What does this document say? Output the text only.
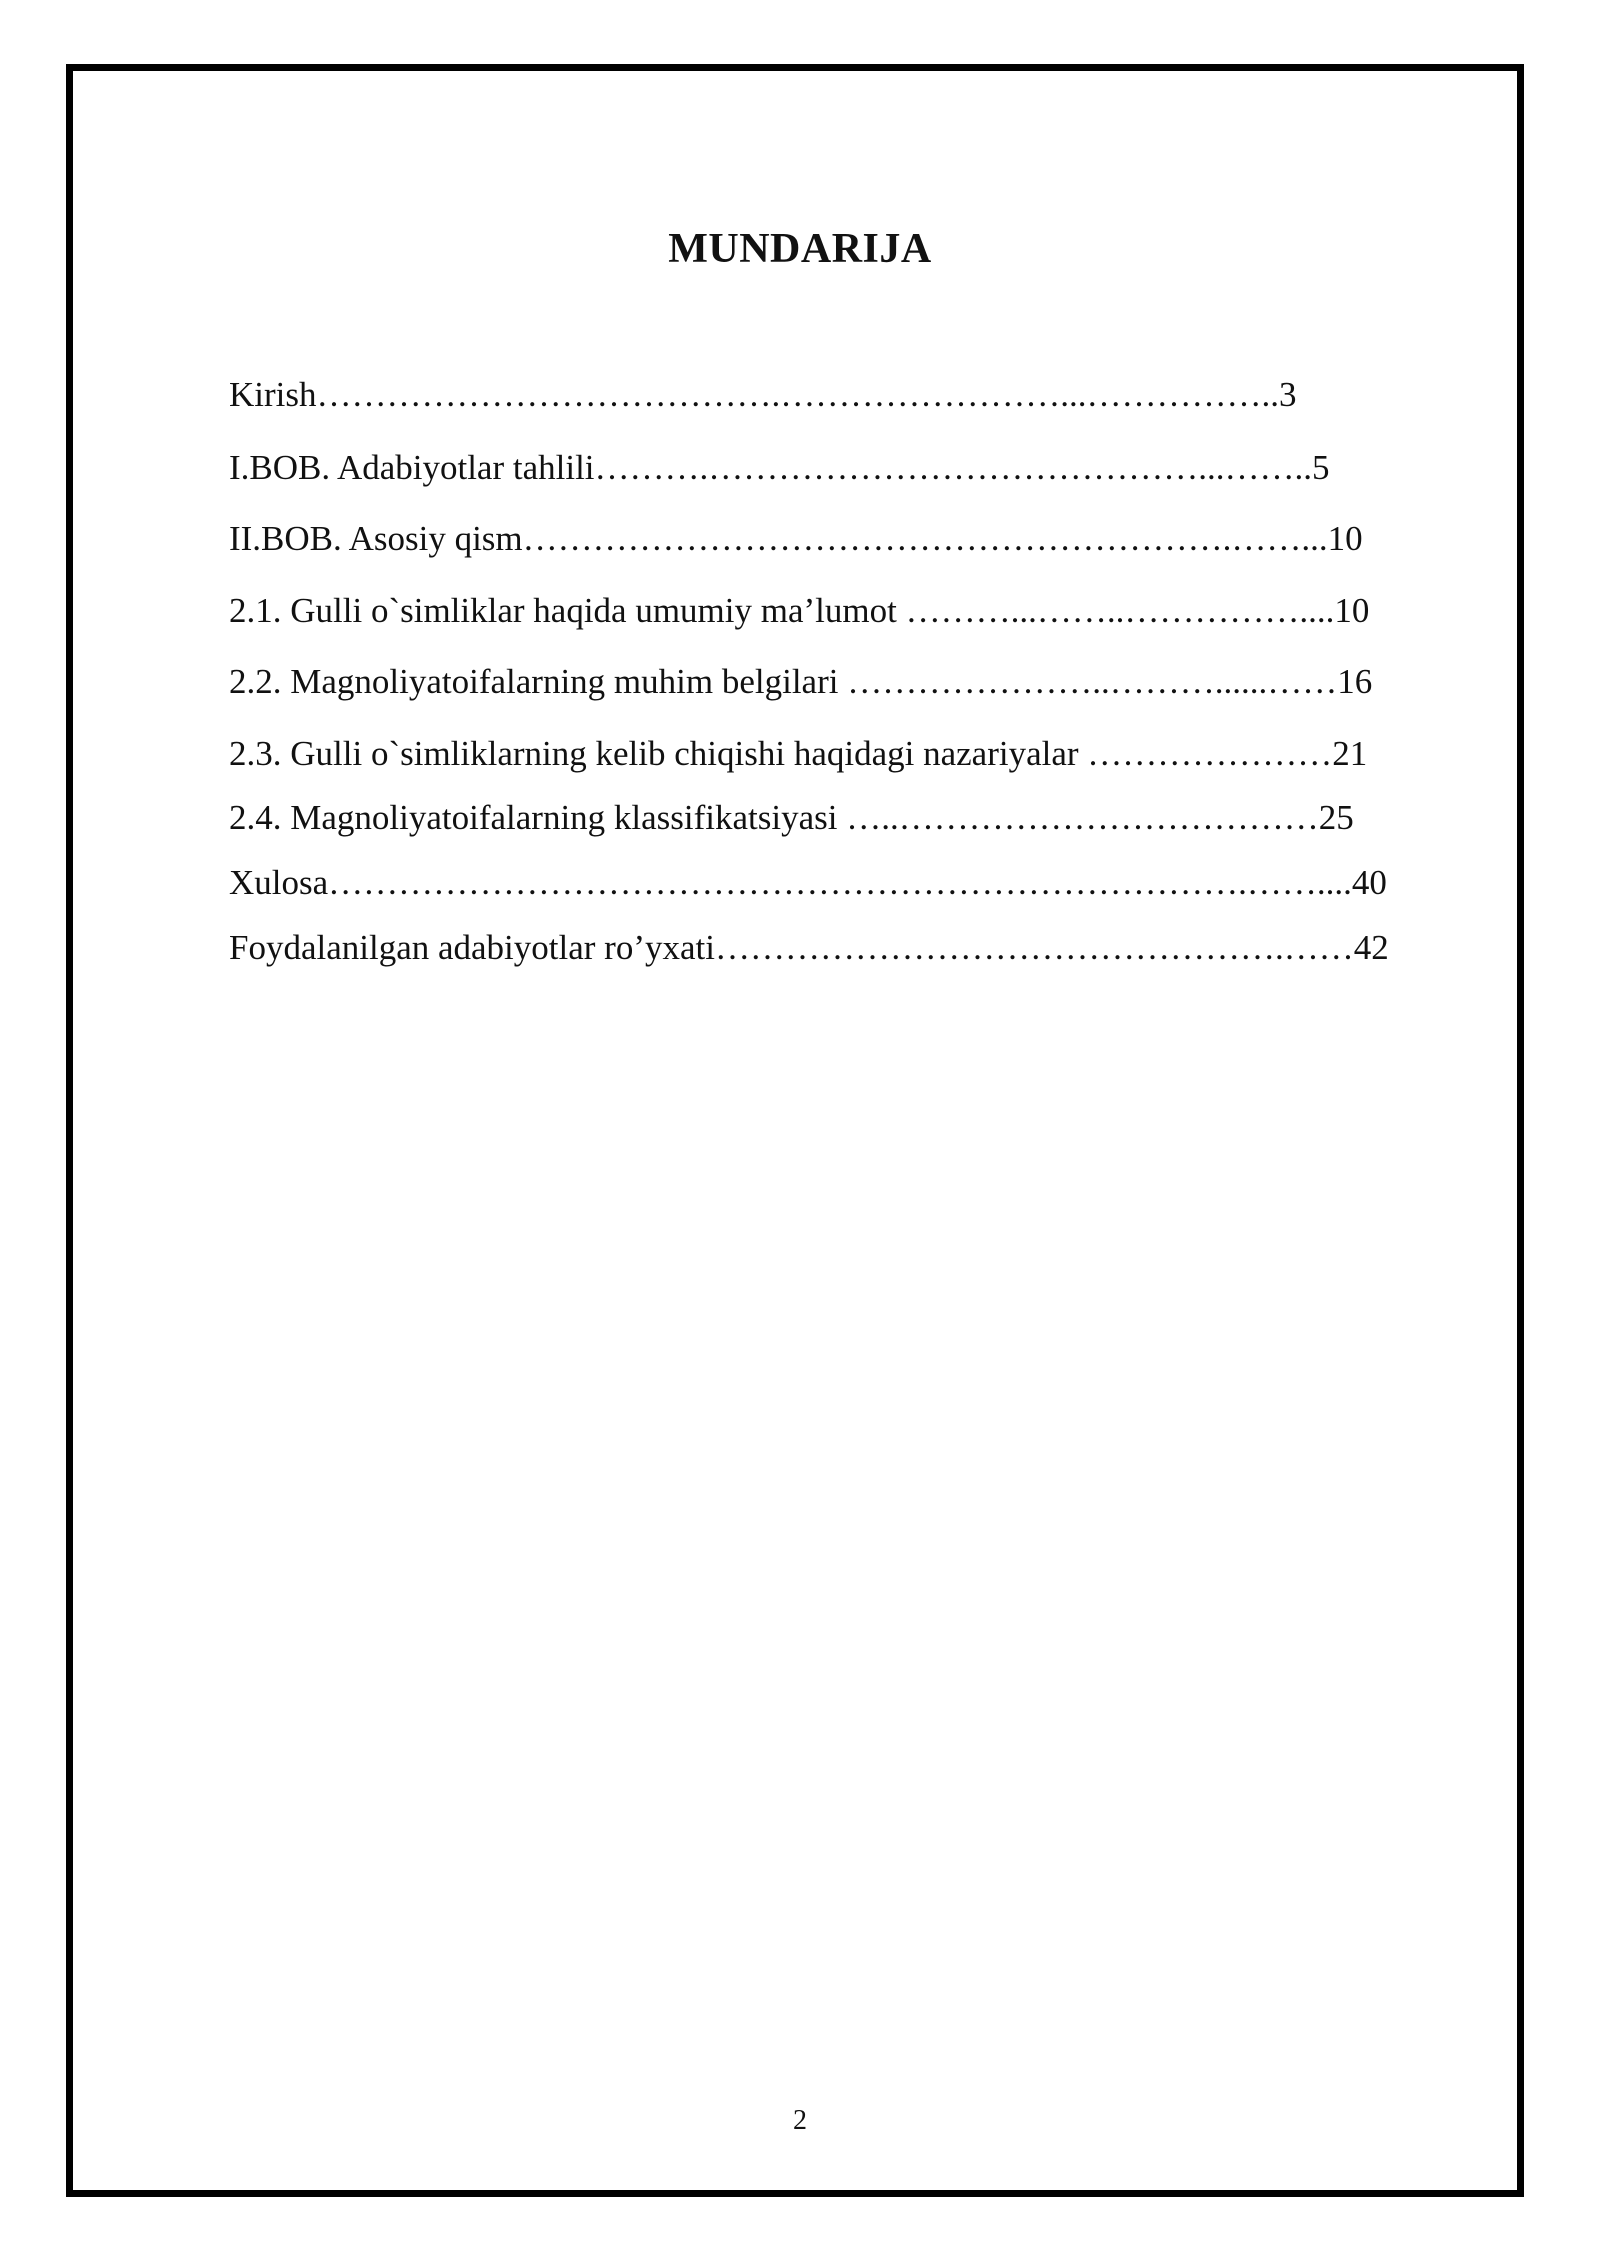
MUNDARIJA
Kirish………………………………….……………………...……………..3
I.BOB. Adabiyotlar tahlili……….……………………………………...……..5
II.BOB. Asosiy qism…………………………………………………….……...10
2.1. Gulli o`simliklar haqida umumiy ma’lumot ………...……..……………....10
2.2. Magnoliyatoifalarning muhim belgilari …………………..………......……16
2.3. Gulli o`simliklarning kelib chiqishi haqidagi nazariyalar …………………21
2.4. Magnoliyatoifalarning klassifikatsiyasi …..………………………………25
Xulosa…………………………………………………………………….……....40
Foydalanilgan adabiyotlar ro’yxati………………………………………….……42
2
